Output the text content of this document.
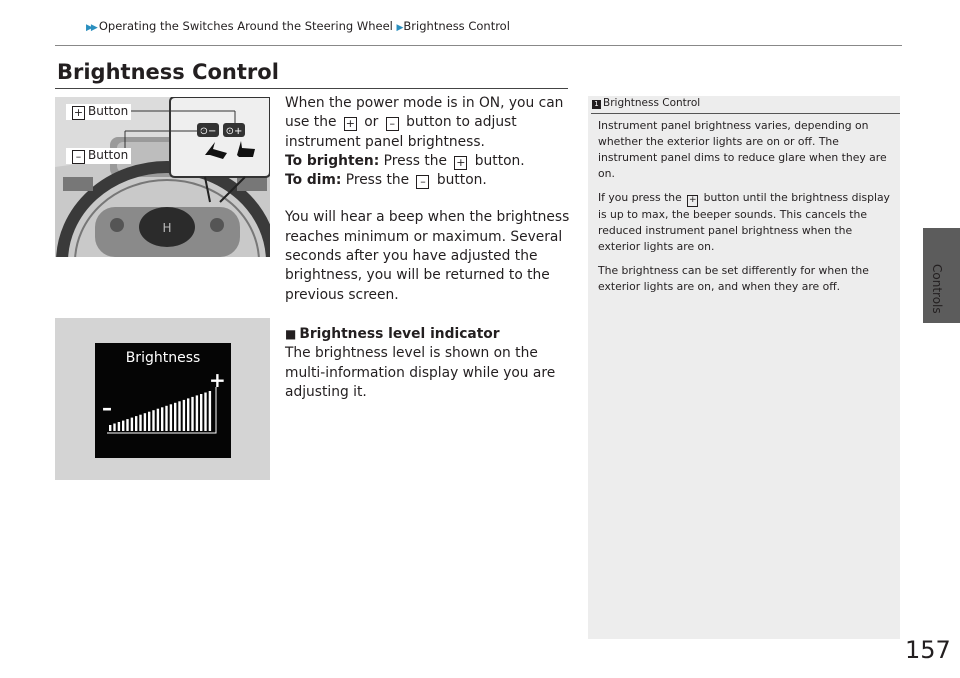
▶▶ Operating the Switches Around the Steering Wheel ▶Brightness Control
Brightness Control
Controls
H
⊙− ⊙+
+ Button
– Button

When the power mode is in ON, you can use the + or – button to adjust instrument panel brightness.

To brighten: Press the + button.

To dim: Press the – button.

You will hear a beep when the brightness reaches minimum or maximum. Several seconds after you have adjusted the brightness, you will be returned to the previous screen.

■ Brightness level indicator

The brightness level is shown on the multi-information display while you are adjusting it.

Brightness
+
–
1 Brightness Control

Instrument panel brightness varies, depending on whether the exterior lights are on or off. The instrument panel dims to reduce glare when they are on.

If you press the + button until the brightness display is up to max, the beeper sounds. This cancels the reduced instrument panel brightness when the exterior lights are on.

The brightness can be set differently for when the exterior lights are on, and when they are off.

157
